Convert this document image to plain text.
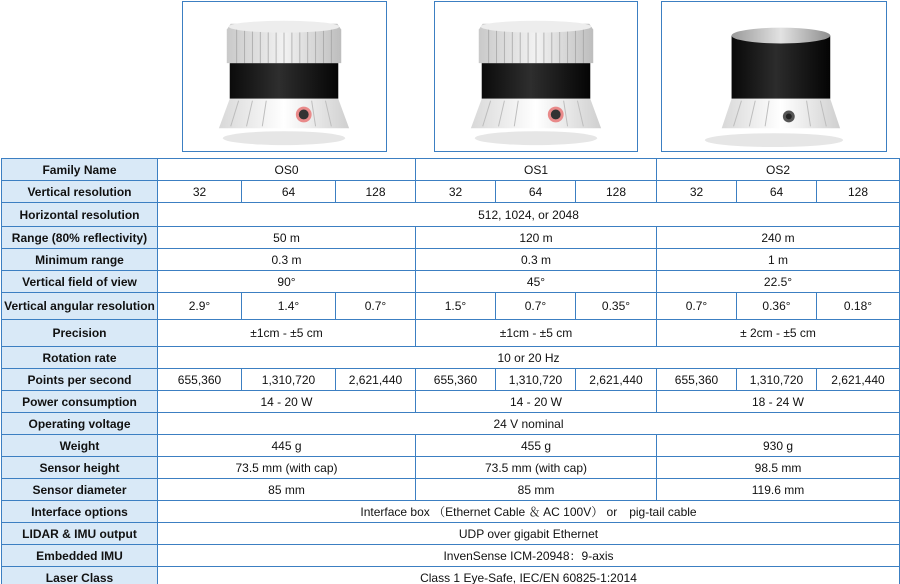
Family Name	OS0			OS1			OS2		
Vertical resolution	32	64	128	32	64	128	32	64	128
Horizontal resolution	512, 1024, or 2048								
Range (80% reflectivity)	50 m			120 m			240 m		
Minimum range	0.3 m			0.3 m			1 m		
Vertical field of view	90°			45°			22.5°		
Vertical angular resolution	2.9°	1.4°	0.7°	1.5°	0.7°	0.35°	0.7°	0.36°	0.18°
Precision	±1cm - ±5 cm			±1cm - ±5 cm			± 2cm - ±5 cm		
Rotation rate	10 or 20 Hz								
Points per second	655,360	1,310,720	2,621,440	655,360	1,310,720	2,621,440	655,360	1,310,720	2,621,440
Power consumption	14 - 20 W			14 - 20 W			18 - 24 W		
Operating voltage	24 V nominal								
Weight	445 g			455 g			930 g		
Sensor height	73.5 mm (with cap)			73.5 mm (with cap)			98.5 mm		
Sensor diameter	85 mm			85 mm			119.6 mm		
Interface options	Interface box （Ethernet Cable ＆ AC 100V） or　pig-tail cable								
LIDAR & IMU output	UDP over gigabit Ethernet								
Embedded IMU	InvenSense ICM-20948：9-axis								
Laser Class	Class 1 Eye-Safe, IEC/EN 60825-1:2014								
